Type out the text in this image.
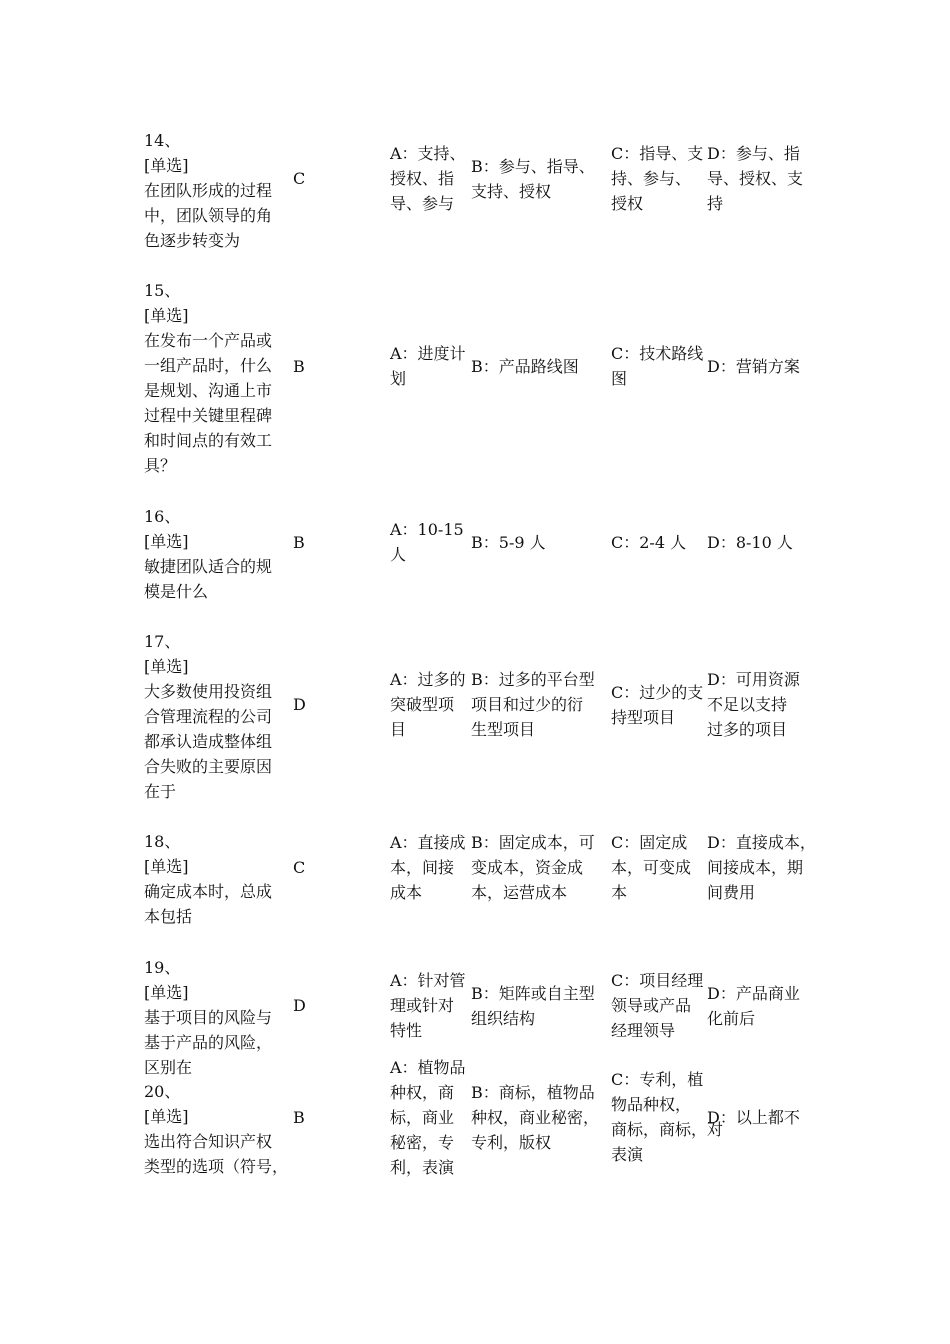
14、
[单选]
在团队形成的过程
中，团队领导的角
色逐步转变为
C
A：支持、
授权、指
导、参与
B：参与、指导、
支持、授权
C：指导、支
持、参与、
授权
D：参与、指
导、授权、支
持
15、
[单选]
在发布一个产品或
一组产品时，什么
是规划、沟通上市
过程中关键里程碑
和时间点的有效工
具？
B
A：进度计
划
B：产品路线图
C：技术路线
图
D：营销方案
16、
[单选]
敏捷团队适合的规
模是什么
B
A：10-15
人
B：5-9 人	C：2-4 人	D：8-10 人
17、
[单选]
大多数使用投资组
合管理流程的公司
都承认造成整体组
合失败的主要原因
在于
D
A：过多的
突破型项
目
B：过多的平台型
项目和过少的衍
生型项目
C：过少的支
持型项目
D：可用资源
不足以支持
过多的项目
18、
[单选]
确定成本时，总成
本包括
C
A：直接成
本，间接
成本
B：固定成本，可
变成本，资金成
本，运营成本
C：固定成
本，可变成
本
D：直接成本，
间接成本，期
间费用
19、
[单选]
基于项目的风险与
基于产品的风险，
区别在
D
A：针对管
理或针对
特性
B：矩阵或自主型
组织结构
C：项目经理
领导或产品
经理领导
D：产品商业
化前后
20、
[单选]
选出符合知识产权
类型的选项（符号，
B
A：植物品
种权，商
标，商业
秘密，专
利，表演
B：商标，植物品
种权，商业秘密，
专利，版权
C：专利，植
物品种权，
商标，商标，对
表演
D：以上都不
